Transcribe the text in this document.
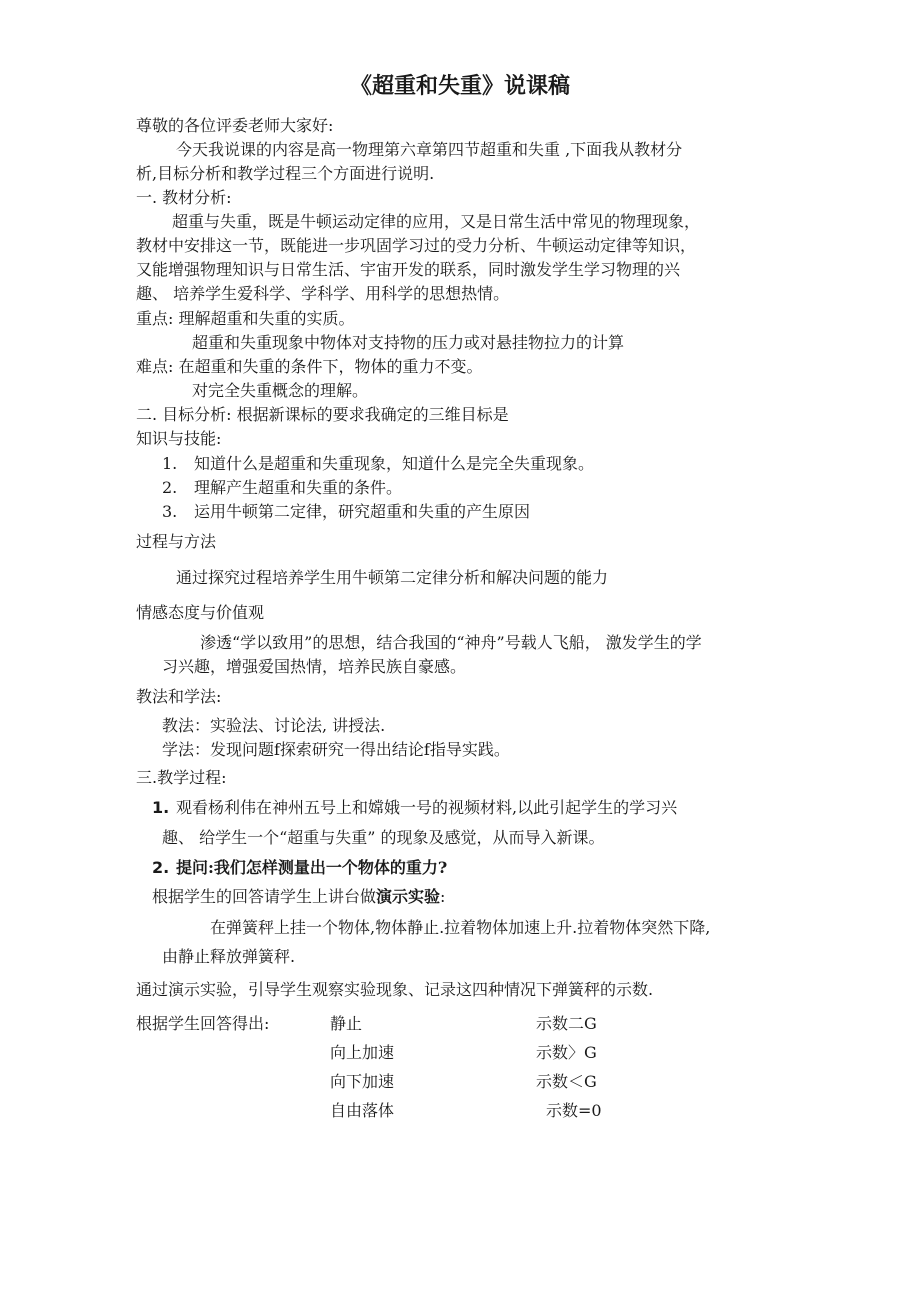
《超重和失重》说课稿
尊敬的各位评委老师大家好:
今天我说课的内容是高一物理第六章第四节超重和失重 ,下面我从教材分
析,目标分析和教学过程三个方面进行说明.
一. 教材分析:
超重与失重，既是牛顿运动定律的应用，又是日常生活中常见的物理现象，
教材中安排这一节，既能进一步巩固学习过的受力分析、牛顿运动定律等知识，
又能增强物理知识与日常生活、宇宙开发的联系，同时激发学生学习物理的兴
趣、 培养学生爱科学、学科学、用科学的思想热情。
重点: 理解超重和失重的实质。
超重和失重现象中物体对支持物的压力或对悬挂物拉力的计算
难点: 在超重和失重的条件下，物体的重力不变。
对完全失重概念的理解。
二. 目标分析: 根据新课标的要求我确定的三维目标是
知识与技能:
1. 知道什么是超重和失重现象，知道什么是完全失重现象。
2. 理解产生超重和失重的条件。
3. 运用牛顿第二定律，研究超重和失重的产生原因
过程与方法
通过探究过程培养学生用牛顿第二定律分析和解决问题的能力
情感态度与价值观
渗透“学以致用”的思想，结合我国的“神舟”号载人飞船， 激发学生的学
习兴趣，增强爱国热情，培养民族自豪感。
教法和学法:
教法：实验法、讨论法, 讲授法.
学法：发现问题f探索研究一得出结论f指导实践。
三.教学过程:
1. 观看杨利伟在神州五号上和嫦娥一号的视频材料,以此引起学生的学习兴
趣、 给学生一个“超重与失重” 的现象及感觉，从而导入新课。
2. 提问:我们怎样测量出一个物体的重力?
根据学生的回答请学生上讲台做演示实验:
在弹簧秤上挂一个物体,物体静止.拉着物体加速上升.拉着物体突然下降,
由静止释放弹簧秤.
通过演示实验，引导学生观察实验现象、记录这四种情况下弹簧秤的示数.
根据学生回答得出:	静止	示数二G
向上加速	示数〉G
向下加速	示数＜G
自由落体	示数=0
